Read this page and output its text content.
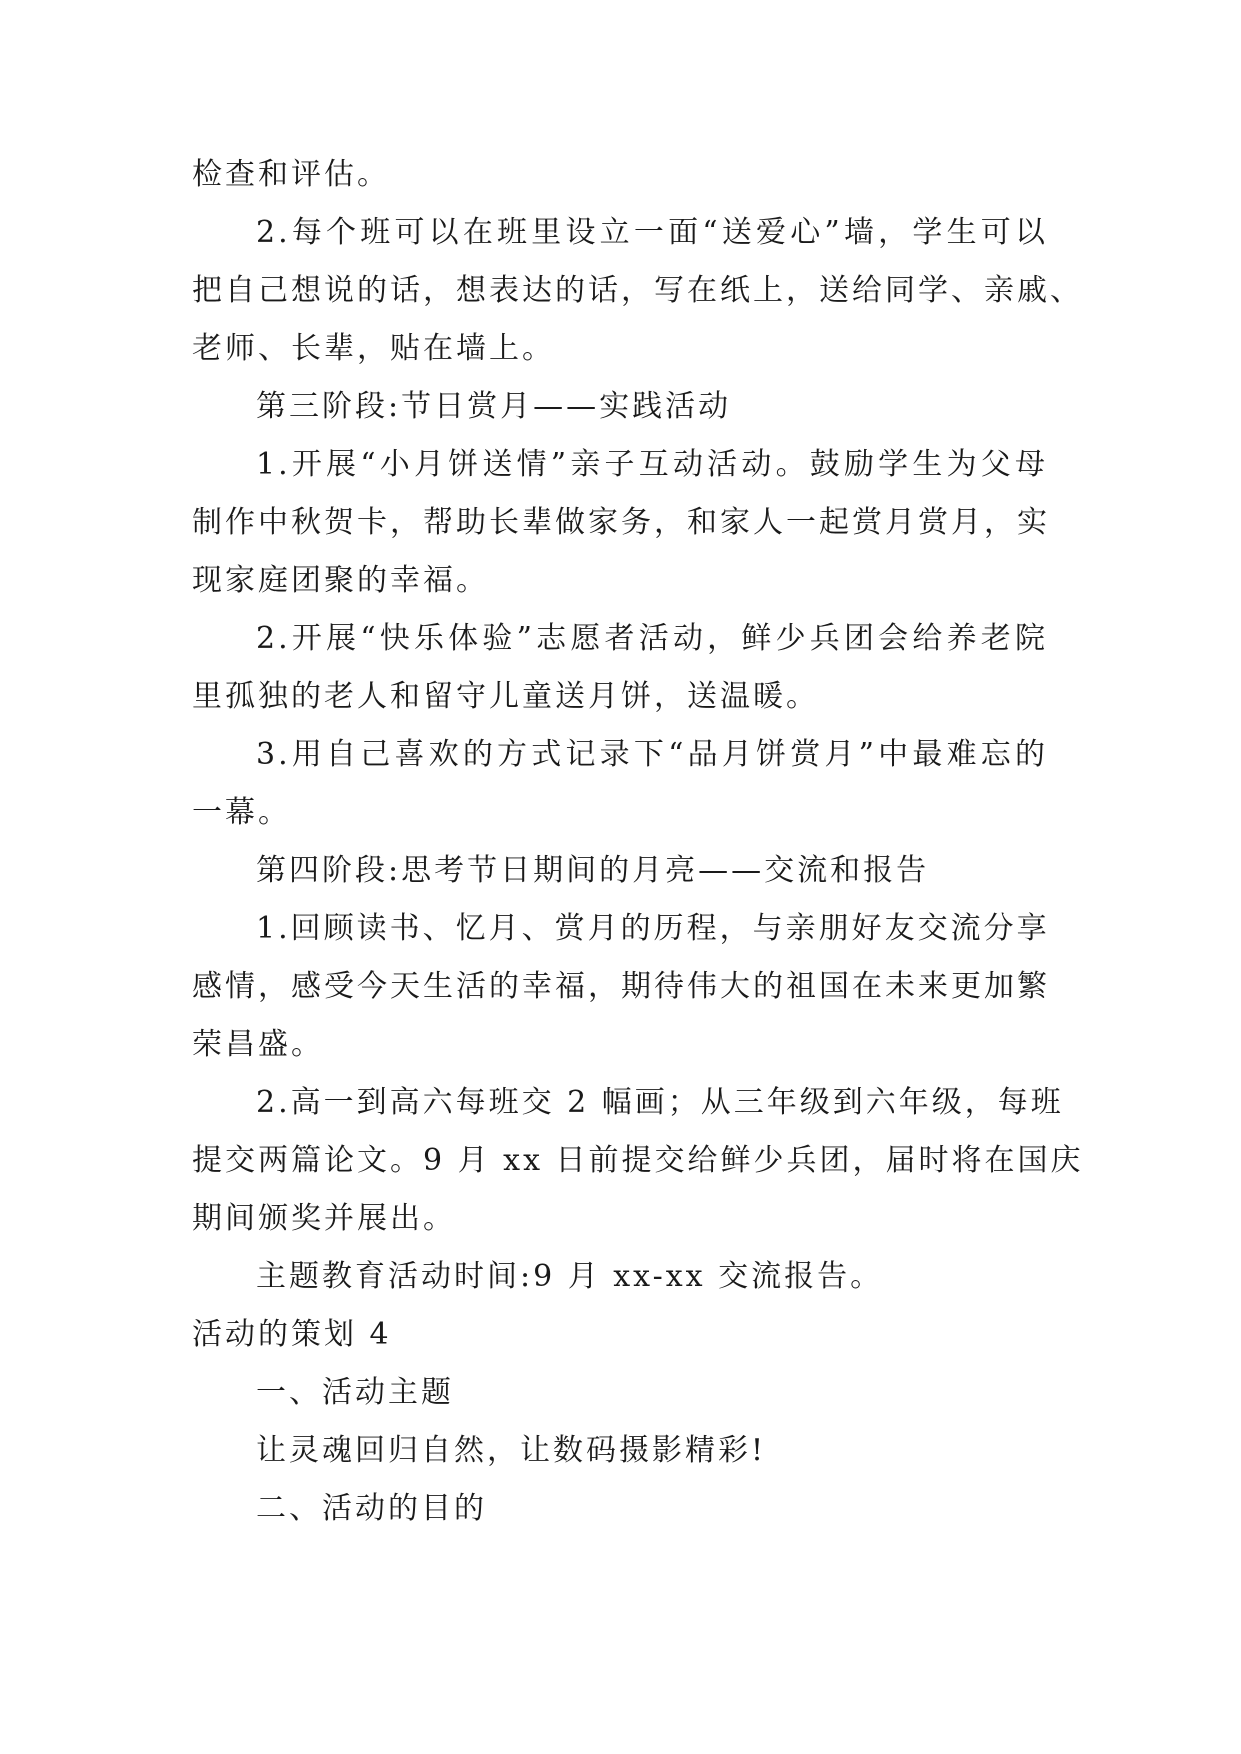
检查和评估。
2.每个班可以在班里设立一面“送爱心”墙，学生可以
把自己想说的话，想表达的话，写在纸上，送给同学、亲戚、
老师、长辈，贴在墙上。
第三阶段:节日赏月——实践活动
1.开展“小月饼送情”亲子互动活动。鼓励学生为父母
制作中秋贺卡，帮助长辈做家务，和家人一起赏月赏月，实
现家庭团聚的幸福。
2.开展“快乐体验”志愿者活动，鲜少兵团会给养老院
里孤独的老人和留守儿童送月饼，送温暖。
3.用自己喜欢的方式记录下“品月饼赏月”中最难忘的
一幕。
第四阶段:思考节日期间的月亮——交流和报告
1.回顾读书、忆月、赏月的历程，与亲朋好友交流分享
感情，感受今天生活的幸福，期待伟大的祖国在未来更加繁
荣昌盛。
2.高一到高六每班交 2 幅画；从三年级到六年级，每班
提交两篇论文。9 月 xx 日前提交给鲜少兵团，届时将在国庆
期间颁奖并展出。
主题教育活动时间:9 月 xx-xx 交流报告。
活动的策划 4
一、活动主题
让灵魂回归自然，让数码摄影精彩!
二、活动的目的
